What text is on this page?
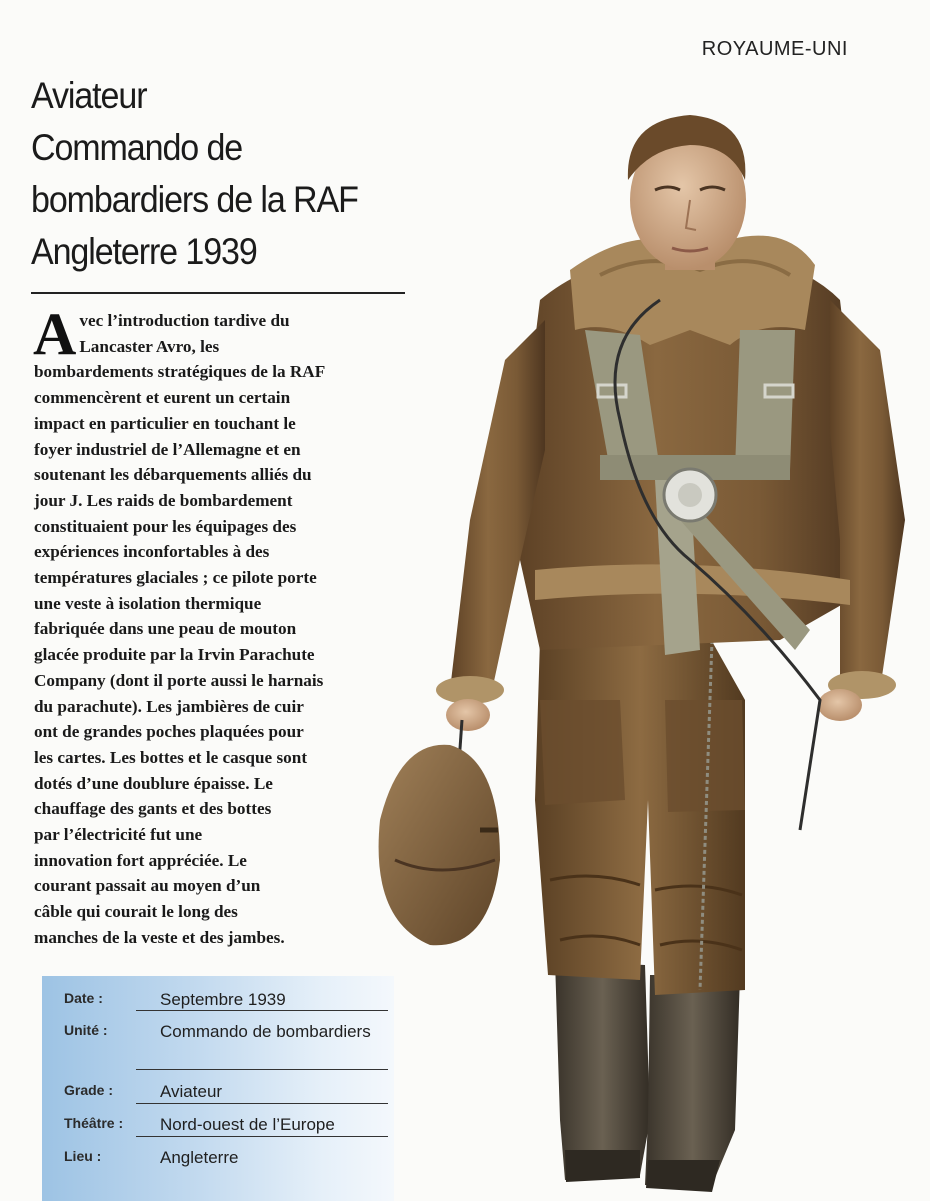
ROYAUME-UNI
Aviateur
Commando de
bombardiers de la RAF
Angleterre 1939
A vec l’introduction tardive du
Lancaster Avro, les
bombardements stratégiques de la RAF
commencèrent et eurent un certain
impact en particulier en touchant le
foyer industriel de l’Allemagne et en
soutenant les débarquements alliés du
jour J. Les raids de bombardement
constituaient pour les équipages des
expériences inconfortables à des
températures glaciales ; ce pilote porte
une veste à isolation thermique
fabriquée dans une peau de mouton
glacée produite par la Irvin Parachute
Company (dont il porte aussi le harnais
du parachute). Les jambières de cuir
ont de grandes poches plaquées pour
les cartes. Les bottes et le casque sont
dotés d’une doublure épaisse. Le
chauffage des gants et des bottes
par l’électricité fut une
innovation fort appréciée. Le
courant passait au moyen d’un
câble qui courait le long des
manches de la veste et des jambes.
Date :	Septembre 1939
Unité :	Commando de bombardiers
Grade :	Aviateur
Théâtre : Nord-ouest de l’Europe
Lieu :	Angleterre
